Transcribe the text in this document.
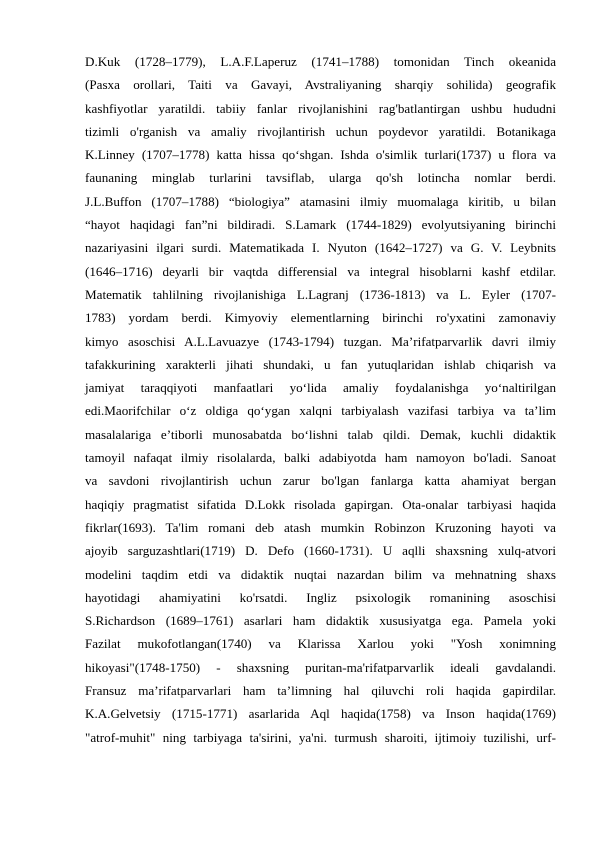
D.Kuk (1728–1779), L.A.F.Laperuz (1741–1788) tomonidan Tinch okeanida
(Pasxa orollari, Taiti va Gavayi, Avstraliyaning sharqiy sohilida) geografik
kashfiyotlar yaratildi. tabiiy fanlar rivojlanishini rag'batlantirgan ushbu hududni
tizimli o'rganish va amaliy rivojlantirish uchun poydevor yaratildi. Botanikaga
K.Linney (1707–1778) katta hissa qo‘shgan. Ishda o'simlik turlari(1737) u flora va
faunaning minglab turlarini tavsiflab, ularga qo'sh lotincha nomlar berdi.
J.L.Buffon (1707–1788) “biologiya” atamasini ilmiy muomalaga kiritib, u bilan
“hayot haqidagi fan”ni bildiradi. S.Lamark (1744-1829) evolyutsiyaning birinchi
nazariyasini ilgari surdi. Matematikada I. Nyuton (1642–1727) va G. V. Leybnits
(1646–1716) deyarli bir vaqtda differensial va integral hisoblarni kashf etdilar.
Matematik tahlilning rivojlanishiga L.Lagranj (1736-1813) va L. Eyler (1707-
1783) yordam berdi. Kimyoviy elementlarning birinchi ro'yxatini zamonaviy
kimyo asoschisi A.L.Lavuazye (1743-1794) tuzgan. Ma’rifatparvarlik davri ilmiy
tafakkurining xarakterli jihati shundaki, u fan yutuqlaridan ishlab chiqarish va
jamiyat taraqqiyoti manfaatlari yo‘lida amaliy foydalanishga yo‘naltirilgan
edi.Maorifchilar o‘z oldiga qo‘ygan xalqni tarbiyalash vazifasi tarbiya va ta’lim
masalalariga e’tiborli munosabatda bo‘lishni talab qildi. Demak, kuchli didaktik
tamoyil nafaqat ilmiy risolalarda, balki adabiyotda ham namoyon bo'ladi. Sanoat
va savdoni rivojlantirish uchun zarur bo'lgan fanlarga katta ahamiyat bergan
haqiqiy pragmatist sifatida D.Lokk risolada gapirgan. Ota-onalar tarbiyasi haqida
fikrlar(1693). Ta'lim romani deb atash mumkin Robinzon Kruzoning hayoti va
ajoyib sarguzashtlari(1719) D. Defo (1660-1731). U aqlli shaxsning xulq-atvori
modelini taqdim etdi va didaktik nuqtai nazardan bilim va mehnatning shaxs
hayotidagi ahamiyatini ko'rsatdi. Ingliz psixologik romanining asoschisi
S.Richardson (1689–1761) asarlari ham didaktik xususiyatga ega. Pamela yoki
Fazilat mukofotlangan(1740) va Klarissa Xarlou yoki "Yosh xonimning
hikoyasi"(1748-1750) - shaxsning puritan-ma'rifatparvarlik ideali gavdalandi.
Fransuz ma’rifatparvarlari ham ta’limning hal qiluvchi roli haqida gapirdilar.
K.A.Gelvetsiy (1715-1771) asarlarida Aql haqida(1758) va Inson haqida(1769)
"atrof-muhit" ning tarbiyaga ta'sirini, ya'ni. turmush sharoiti, ijtimoiy tuzilishi, urf-
